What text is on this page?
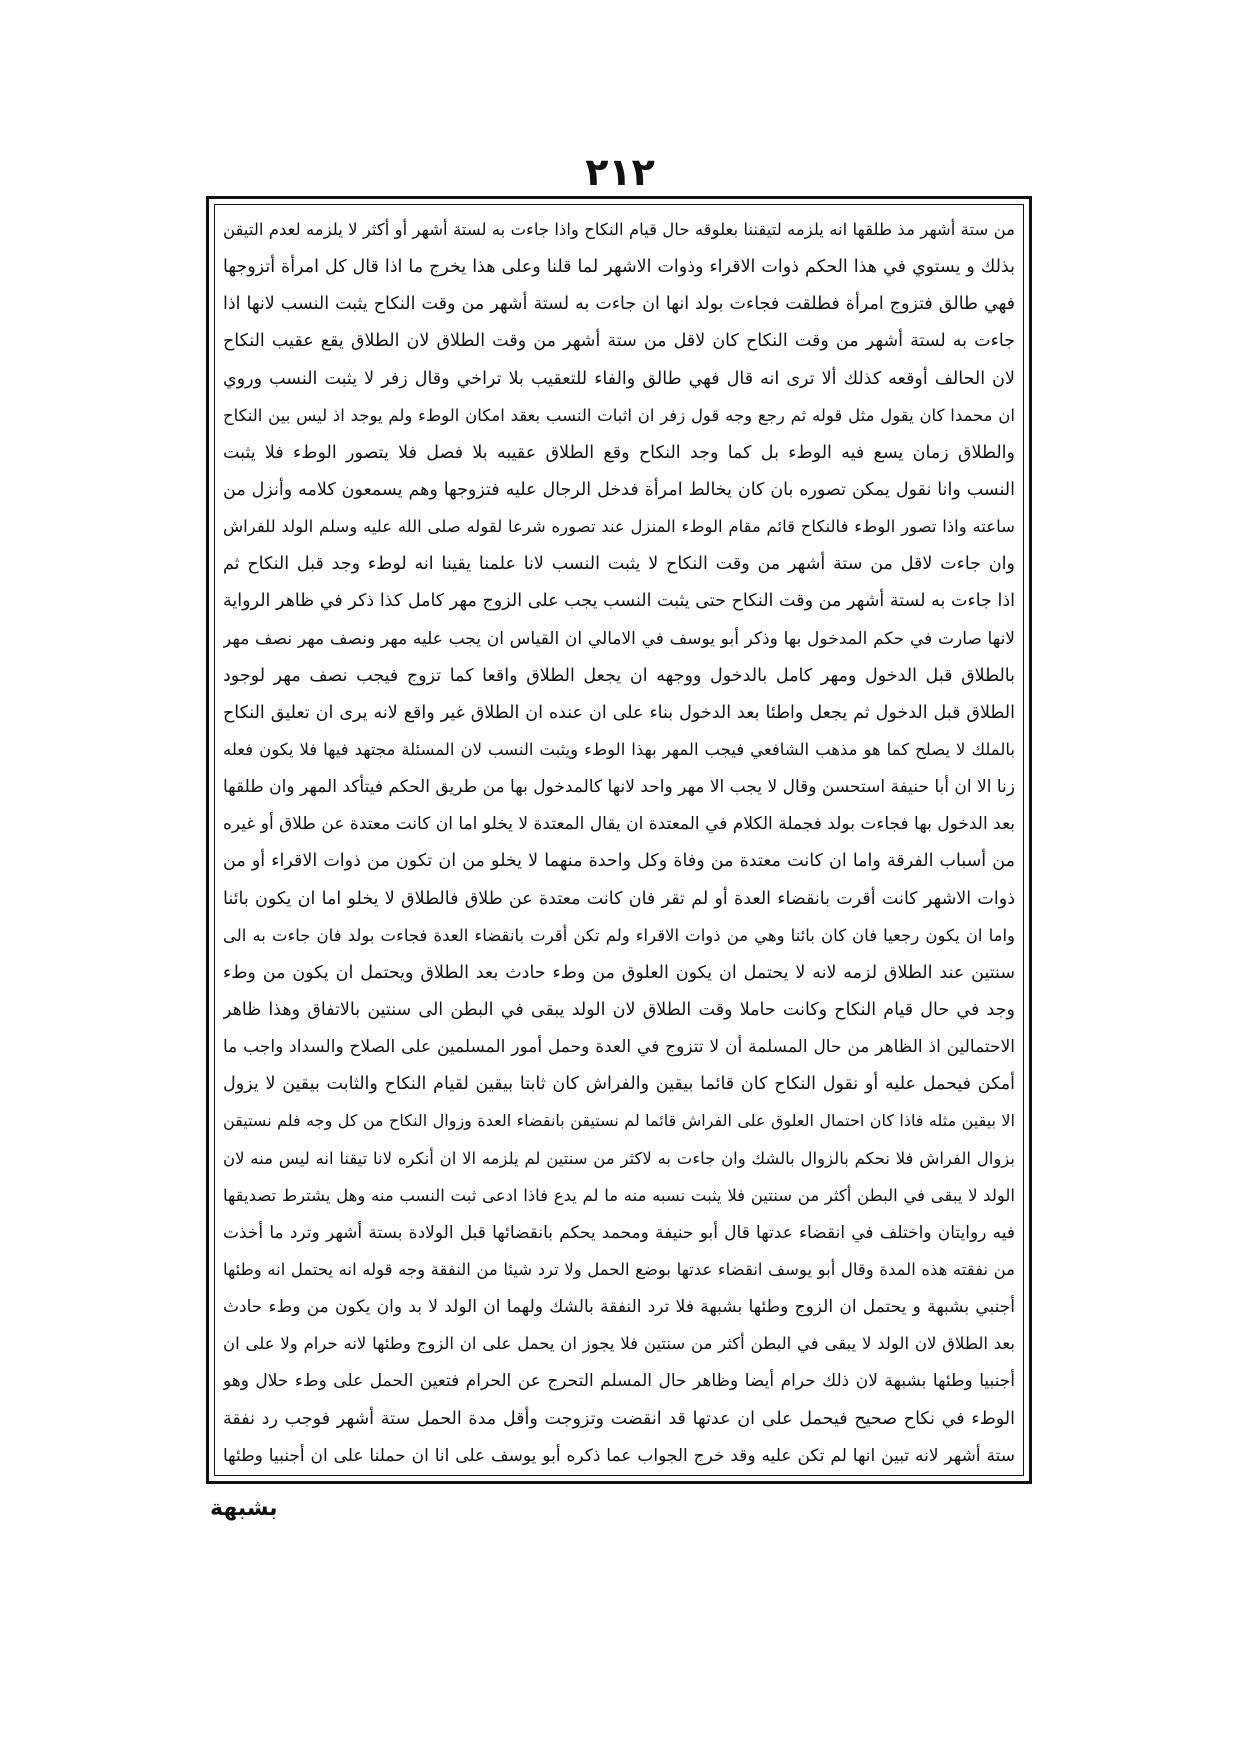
٢١٢
من ستة أشهر مذ طلقها انه يلزمه لتيقننا بعلوقه حال قيام النكاح واذا جاءت به لستة أشهر أو أكثر لا يلزمه لعدم التيقن
بذلك و يستوي في هذا الحكم ذوات الاقراء وذوات الاشهر لما قلنا وعلى هذا يخرج ما اذا قال كل امرأة أتزوجها
فهي طالق فتزوج امرأة فطلقت فجاءت بولد انها ان جاءت به لستة أشهر من وقت النكاح يثبت النسب لانها اذا
جاءت به لستة أشهر من وقت النكاح كان لاقل من ستة أشهر من وقت الطلاق لان الطلاق يقع عقيب النكاح
لان الحالف أوقعه كذلك ألا ترى انه قال فهي طالق والفاء للتعقيب بلا تراخي وقال زفر لا يثبت النسب وروي
ان محمدا كان يقول مثل قوله ثم رجع وجه قول زفر ان اثبات النسب بعقد امكان الوطء ولم يوجد اذ ليس بين النكاح
والطلاق زمان يسع فيه الوطء بل كما وجد النكاح وقع الطلاق عقيبه بلا فصل فلا يتصور الوطء فلا يثبت
النسب وانا نقول يمكن تصوره بان كان يخالط امرأة فدخل الرجال عليه فتزوجها وهم يسمعون كلامه وأنزل من
ساعته واذا تصور الوطء فالنكاح قائم مقام الوطء المنزل عند تصوره شرعا لقوله صلى الله عليه وسلم الولد للفراش
وان جاءت لاقل من ستة أشهر من وقت النكاح لا يثبت النسب لانا علمنا يقينا انه لوطء وجد قبل النكاح ثم
اذا جاءت به لستة أشهر من وقت النكاح حتى يثبت النسب يجب على الزوج مهر كامل كذا ذكر في ظاهر الرواية
لانها صارت في حكم المدخول بها وذكر أبو يوسف في الامالي ان القياس ان يجب عليه مهر ونصف مهر نصف مهر
بالطلاق قبل الدخول ومهر كامل بالدخول ووجهه ان يجعل الطلاق واقعا كما تزوج فيجب نصف مهر لوجود
الطلاق قبل الدخول ثم يجعل واطئا بعد الدخول بناء على ان عنده ان الطلاق غير واقع لانه يرى ان تعليق النكاح
بالملك لا يصلح كما هو مذهب الشافعي فيجب المهر بهذا الوطء ويثبت النسب لان المسئلة مجتهد فيها فلا يكون فعله
زنا الا ان أبا حنيفة استحسن وقال لا يجب الا مهر واحد لانها كالمدخول بها من طريق الحكم فيتأكد المهر وان طلقها
بعد الدخول بها فجاءت بولد فجملة الكلام في المعتدة ان يقال المعتدة لا يخلو اما ان كانت معتدة عن طلاق أو غيره
من أسباب الفرقة واما ان كانت معتدة من وفاة وكل واحدة منهما لا يخلو من ان تكون من ذوات الاقراء أو من
ذوات الاشهر كانت أقرت بانقضاء العدة أو لم تقر فان كانت معتدة عن طلاق فالطلاق لا يخلو اما ان يكون بائنا
واما ان يكون رجعيا فان كان بائنا وهي من ذوات الاقراء ولم تكن أقرت بانقضاء العدة فجاءت بولد فان جاءت به الى
سنتين عند الطلاق لزمه لانه لا يحتمل ان يكون العلوق من وطء حادث بعد الطلاق ويحتمل ان يكون من وطء
وجد في حال قيام النكاح وكانت حاملا وقت الطلاق لان الولد يبقى في البطن الى سنتين بالاتفاق وهذا ظاهر
الاحتمالين اذ الظاهر من حال المسلمة أن لا تتزوج في العدة وحمل أمور المسلمين على الصلاح والسداد واجب ما
أمكن فيحمل عليه أو نقول النكاح كان قائما بيقين والفراش كان ثابتا بيقين لقيام النكاح والثابت بيقين لا يزول
الا بيقين مثله فاذا كان احتمال العلوق على الفراش قائما لم نستيقن بانقضاء العدة وزوال النكاح من كل وجه فلم نستيقن
بزوال الفراش فلا نحكم بالزوال بالشك وان جاءت به لاكثر من سنتين لم يلزمه الا ان أنكره لانا تيقنا انه ليس منه لان
الولد لا يبقى في البطن أكثر من سنتين فلا يثبت نسبه منه ما لم يدع فاذا ادعى ثبت النسب منه وهل يشترط تصديقها
فيه روايتان واختلف في انقضاء عدتها قال أبو حنيفة ومحمد يحكم بانقضائها قبل الولادة بستة أشهر وترد ما أخذت
من نفقته هذه المدة وقال أبو يوسف انقضاء عدتها بوضع الحمل ولا ترد شيئا من النفقة وجه قوله انه يحتمل انه وطئها
أجنبي بشبهة و يحتمل ان الزوج وطئها بشبهة فلا ترد النفقة بالشك ولهما ان الولد لا بد وان يكون من وطء حادث
بعد الطلاق لان الولد لا يبقى في البطن أكثر من سنتين فلا يجوز ان يحمل على ان الزوج وطئها لانه حرام ولا على ان
أجنبيا وطئها بشبهة لان ذلك حرام أيضا وظاهر حال المسلم التحرج عن الحرام فتعين الحمل على وطء حلال وهو
الوطء في نكاح صحيح فيحمل على ان عدتها قد انقضت وتزوجت وأقل مدة الحمل ستة أشهر فوجب رد نفقة
ستة أشهر لانه تبين انها لم تكن عليه وقد خرج الجواب عما ذكره أبو يوسف على انا ان حملنا على ان أجنبيا وطئها
بشبهة
